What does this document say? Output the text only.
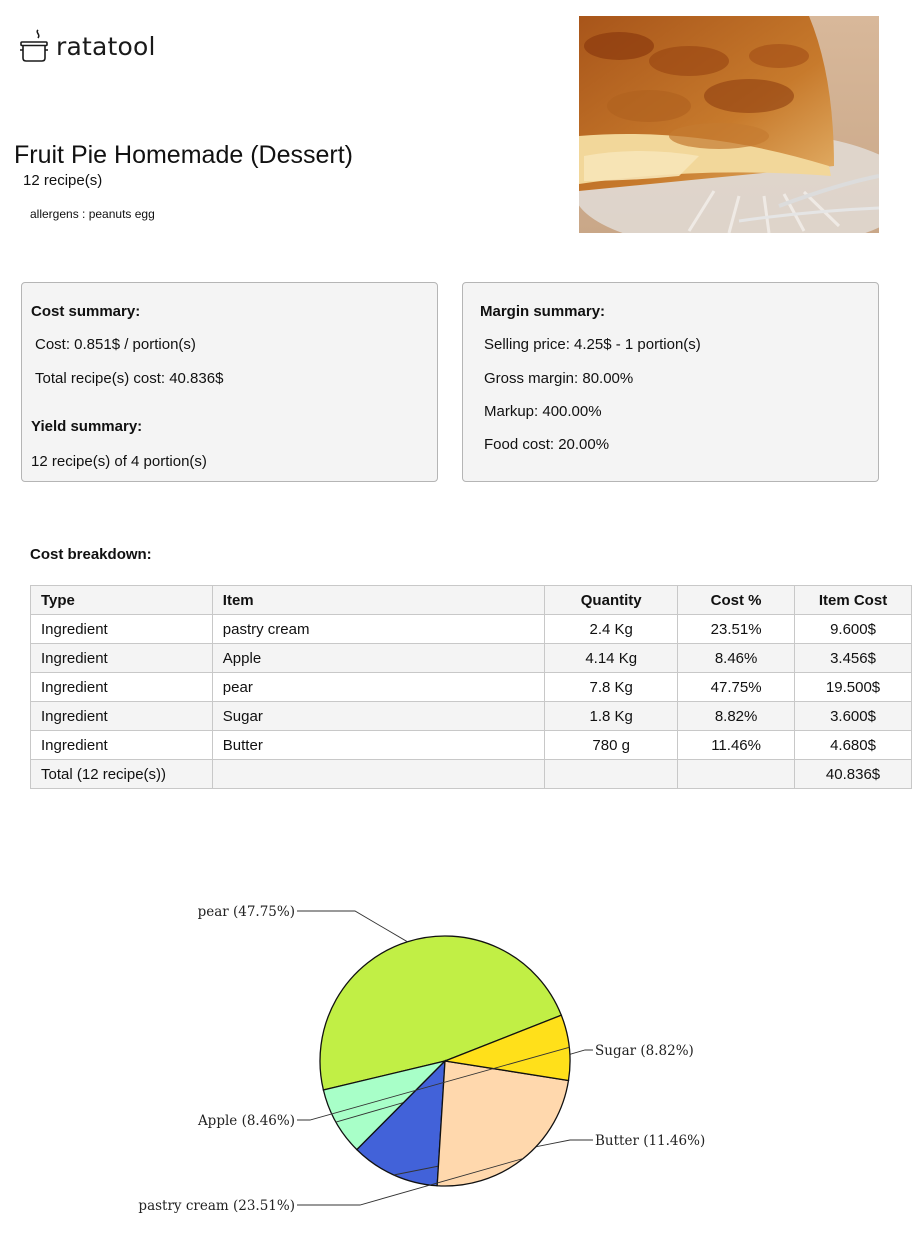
ratatool
Fruit Pie Homemade (Dessert)
12 recipe(s)
allergens : peanuts egg
Cost summary:
Cost: 0.851$ / portion(s)
Total recipe(s) cost: 40.836$
Yield summary:
12 recipe(s) of 4 portion(s)
Margin summary:
Selling price: 4.25$ - 1 portion(s)
Gross margin: 80.00%
Markup: 400.00%
Food cost: 20.00%
Cost breakdown:
Type	Item	Quantity	Cost %	Item Cost
Ingredient	pastry cream	2.4 Kg	23.51%	9.600$
Ingredient	Apple	4.14 Kg	8.46%	3.456$
Ingredient	pear	7.8 Kg	47.75%	19.500$
Ingredient	Sugar	1.8 Kg	8.82%	3.600$
Ingredient	Butter	780 g	11.46%	4.680$
Total (12 recipe(s))				40.836$
pear (47.75%)
Sugar (8.82%)
Butter (11.46%)
pastry cream (23.51%)
Apple (8.46%)
